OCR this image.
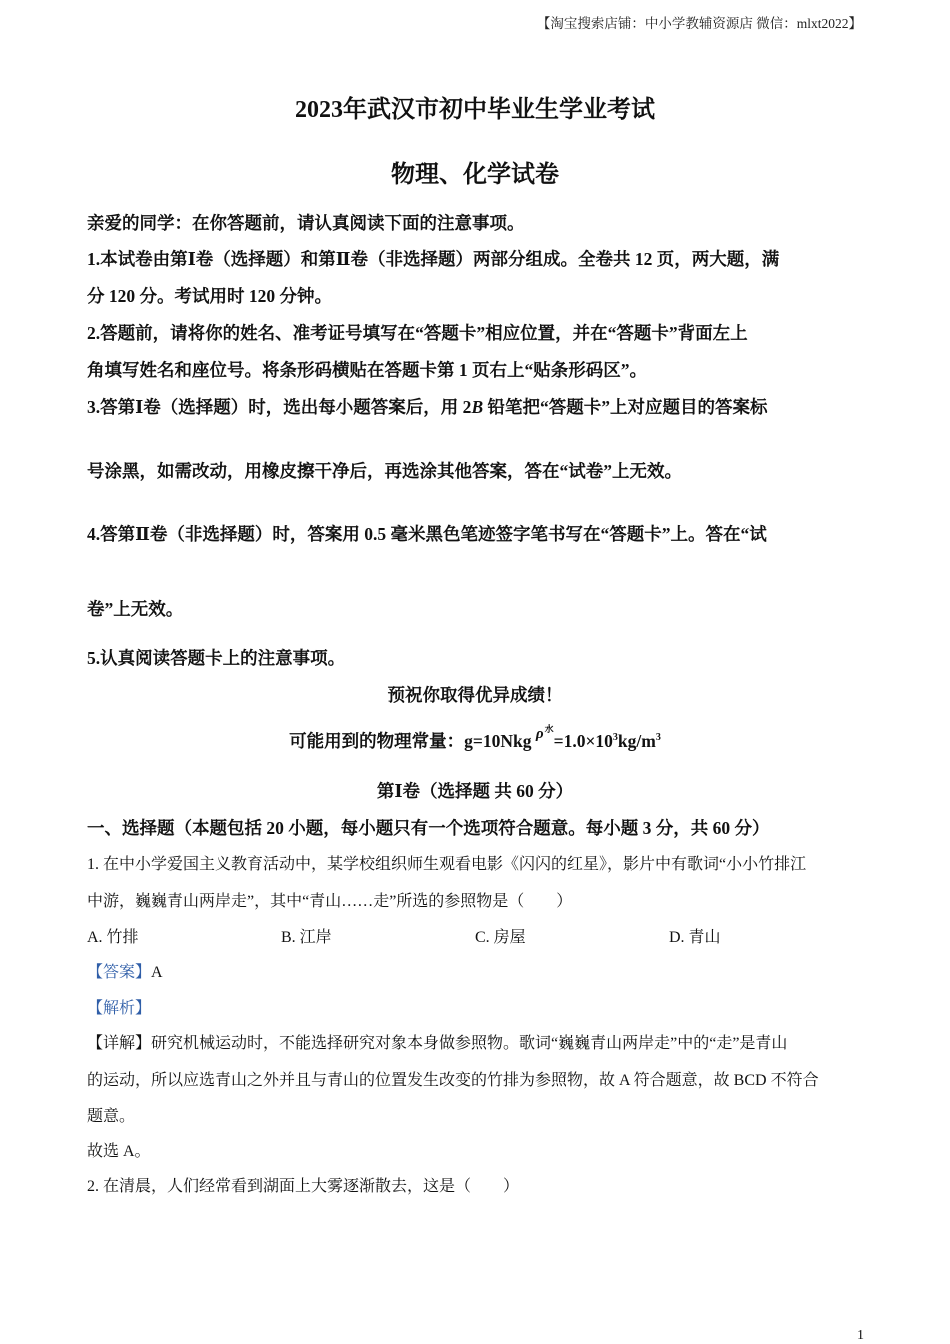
【淘宝搜索店铺：中小学教辅资源店 微信：mlxt2022】
2023年武汉市初中毕业生学业考试
物理、化学试卷
亲爱的同学：在你答题前，请认真阅读下面的注意事项。
1.本试卷由第Ⅰ卷（选择题）和第Ⅱ卷（非选择题）两部分组成。全卷共 12 页，两大题，满
分 120 分。考试用时 120 分钟。
2.答题前，请将你的姓名、准考证号填写在“答题卡”相应位置，并在“答题卡”背面左上
角填写姓名和座位号。将条形码横贴在答题卡第 1 页右上“贴条形码区”。
3.答第Ⅰ卷（选择题）时，选出每小题答案后，用 2B 铅笔把“答题卡”上对应题目的答案标
号涂黑，如需改动，用橡皮擦干净后，再选涂其他答案，答在“试卷”上无效。
4.答第Ⅱ卷（非选择题）时，答案用 0.5 毫米黑色笔迹签字笔书写在“答题卡”上。答在“试
卷”上无效。
5.认真阅读答题卡上的注意事项。
预祝你取得优异成绩！
可能用到的物理常量：g=10Nkg $\rho^水=1.0\times 10^3kg/m^3$
第Ⅰ卷（选择题 共 60 分）
一、选择题（本题包括 20 小题，每小题只有一个选项符合题意。每小题 3 分，共 60 分）
1. 在中小学爱国主义教育活动中，某学校组织师生观看电影《闪闪的红星》，影片中有歌词“小小竹排江
中游，巍巍青山两岸走”，其中“青山……走”所选的参照物是（　　）
A. 竹排	B. 江岸	C. 房屋	D. 青山
【答案】A
【解析】
【详解】研究机械运动时，不能选择研究对象本身做参照物。歌词“巍巍青山两岸走”中的“走”是青山
的运动，所以应选青山之外并且与青山的位置发生改变的竹排为参照物，故 A 符合题意，故 BCD 不符合
题意。
故选 A。
2. 在清晨，人们经常看到湖面上大雾逐渐散去，这是（　　）
1
